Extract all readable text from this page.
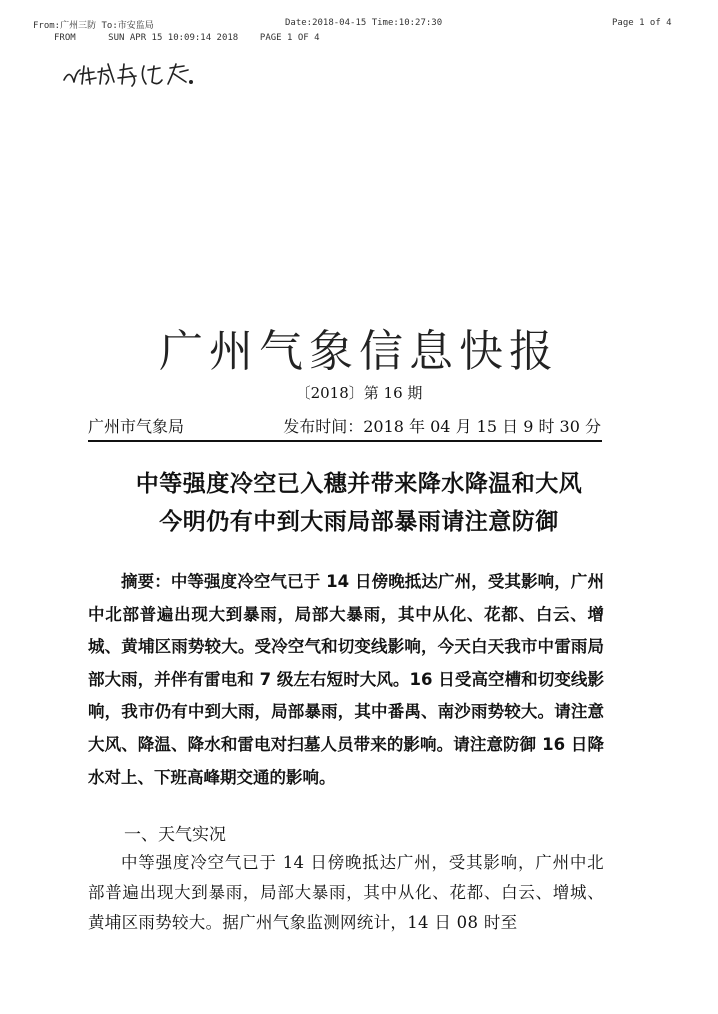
From:广州三防 To:市安监局	Date:2018-04-15 Time:10:27:30	Page 1 of 4
FROM      SUN APR 15 10:09:14 2018    PAGE 1 OF 4
广州气象信息快报
〔2018〕第 16 期
广州市气象局	发布时间：2018 年 04 月 15 日 9 时 30 分
中等强度冷空已入穗并带来降水降温和大风
今明仍有中到大雨局部暴雨请注意防御
摘要：中等强度冷空气已于 14 日傍晚抵达广州，受其影响，广州中北部普遍出现大到暴雨，局部大暴雨，其中从化、花都、白云、增城、黄埔区雨势较大。受冷空气和切变线影响，今天白天我市中雷雨局部大雨，并伴有雷电和 7 级左右短时大风。16 日受高空槽和切变线影响，我市仍有中到大雨，局部暴雨，其中番禺、南沙雨势较大。请注意大风、降温、降水和雷电对扫墓人员带来的影响。请注意防御 16 日降水对上、下班高峰期交通的影响。
一、天气实况
中等强度冷空气已于 14 日傍晚抵达广州，受其影响，广州中北部普遍出现大到暴雨，局部大暴雨，其中从化、花都、白云、增城、黄埔区雨势较大。据广州气象监测网统计，14 日 08 时至
